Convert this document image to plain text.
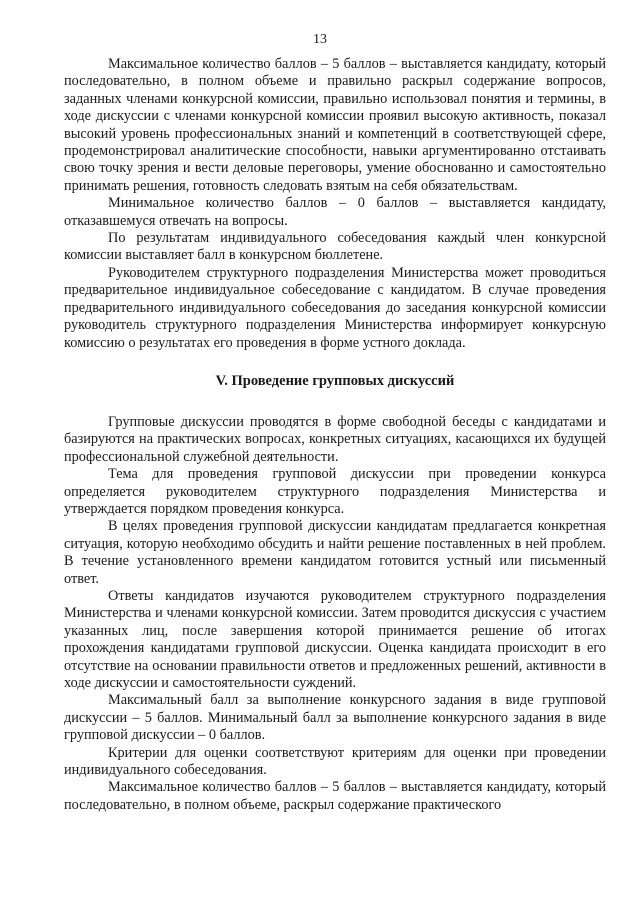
13

Максимальное количество баллов – 5 баллов – выставляется кандидату, который последовательно, в полном объеме и правильно раскрыл содержание вопросов, заданных членами конкурсной комиссии, правильно использовал понятия и термины, в ходе дискуссии с членами конкурсной комиссии проявил высокую активность, показал высокий уровень профессиональных знаний и компетенций в соответствующей сфере, продемонстрировал аналитические способности, навыки аргументированно отстаивать свою точку зрения и вести деловые переговоры, умение обоснованно и самостоятельно принимать решения, готовность следовать взятым на себя обязательствам.

Минимальное количество баллов – 0 баллов – выставляется кандидату, отказавшемуся отвечать на вопросы.

По результатам индивидуального собеседования каждый член конкурсной комиссии выставляет балл в конкурсном бюллетене.

Руководителем структурного подразделения Министерства может проводиться предварительное индивидуальное собеседование с кандидатом. В случае проведения предварительного индивидуального собеседования до заседания конкурсной комиссии руководитель структурного подразделения Министерства информирует конкурсную комиссию о результатах его проведения в форме устного доклада.

V. Проведение групповых дискуссий

Групповые дискуссии проводятся в форме свободной беседы с кандидатами и базируются на практических вопросах, конкретных ситуациях, касающихся их будущей профессиональной служебной деятельности.

Тема для проведения групповой дискуссии при проведении конкурса определяется руководителем структурного подразделения Министерства и утверждается порядком проведения конкурса.

В целях проведения групповой дискуссии кандидатам предлагается конкретная ситуация, которую необходимо обсудить и найти решение поставленных в ней проблем. В течение установленного времени кандидатом готовится устный или письменный ответ.

Ответы кандидатов изучаются руководителем структурного подразделения Министерства и членами конкурсной комиссии. Затем проводится дискуссия с участием указанных лиц, после завершения которой принимается решение об итогах прохождения кандидатами групповой дискуссии. Оценка кандидата происходит в его отсутствие на основании правильности ответов и предложенных решений, активности в ходе дискуссии и самостоятельности суждений.

Максимальный балл за выполнение конкурсного задания в виде групповой дискуссии – 5 баллов. Минимальный балл за выполнение конкурсного задания в виде групповой дискуссии – 0 баллов.

Критерии для оценки соответствуют критериям для оценки при проведении индивидуального собеседования.

Максимальное количество баллов – 5 баллов – выставляется кандидату, который последовательно, в полном объеме, раскрыл содержание практического
